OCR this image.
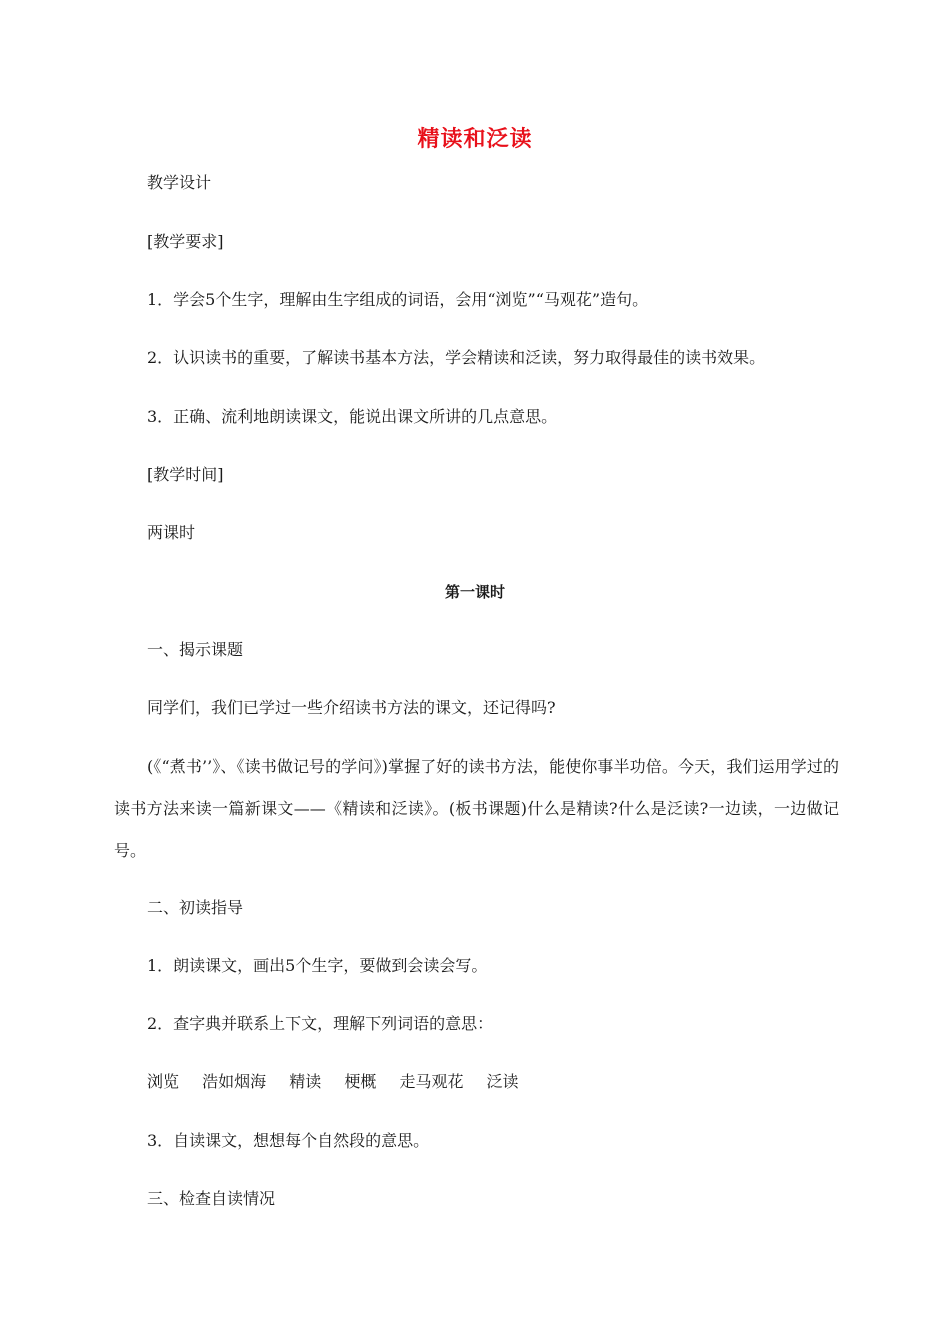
精读和泛读
教学设计
[教学要求]
1．学会5个生字，理解由生字组成的词语，会用“浏览”“马观花”造句。
2．认识读书的重要，了解读书基本方法，学会精读和泛读，努力取得最佳的读书效果。
3．正确、流利地朗读课文，能说出课文所讲的几点意思。
[教学时间]
两课时
第一课时
一、揭示课题
同学们，我们已学过一些介绍读书方法的课文，还记得吗?
(《“煮书’’》、《读书做记号的学问》)掌握了好的读书方法，能使你事半功倍。今天，我们运用学过的读书方法来读一篇新课文——《精读和泛读》。(板书课题)什么是精读?什么是泛读?一边读，一边做记号。
二、初读指导
1．朗读课文，画出5个生字，要做到会读会写。
2．查字典并联系上下文，理解下列词语的意思：
浏览 浩如烟海 精读 梗概 走马观花 泛读
3．自读课文，想想每个自然段的意思。
三、检查自读情况
